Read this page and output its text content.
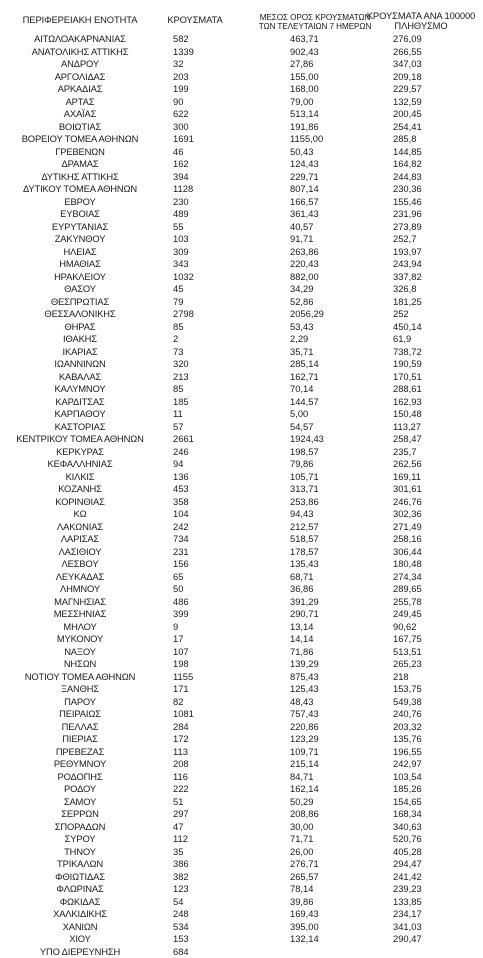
ΠΕΡΙΦΕΡΕΙΑΚΗ ΕΝΟΤΗΤΑ	ΚΡΟΥΣΜΑΤΑ	ΜΕΣΟΣ ΟΡΟΣ ΚΡΟΥΣΜΑΤΩΝ
ΤΩΝ ΤΕΛΕΥΤΑΙΩΝ 7 ΗΜΕΡΩΝ
ΚΡΟΥΣΜΑΤΑ ΑΝΑ 100000
ΠΛΗΘΥΣΜΟ
ΑΙΤΩΛΟΑΚΑΡΝΑΝΙΑΣ	582	463,71	276,09
ΑΝΑΤΟΛΙΚΗΣ ΑΤΤΙΚΗΣ	1339	902,43	266,55
ΑΝΔΡΟΥ	32	27,86	347,03
ΑΡΓΟΛΙΔΑΣ	203	155,00	209,18
ΑΡΚΑΔΙΑΣ	199	168,00	229,57
ΑΡΤΑΣ	90	79,00	132,59
ΑΧΑΪΑΣ	622	513,14	200,45
ΒΟΙΩΤΙΑΣ	300	191,86	254,41
ΒΟΡΕΙΟΥ ΤΟΜΕΑ ΑΘΗΝΩΝ	1691	1155,00	285,8
ΓΡΕΒΕΝΩΝ	46	50,43	144,85
ΔΡΑΜΑΣ	162	124,43	164,82
ΔΥΤΙΚΗΣ ΑΤΤΙΚΗΣ	394	229,71	244,83
ΔΥΤΙΚΟΥ ΤΟΜΕΑ ΑΘΗΝΩΝ	1128	807,14	230,36
ΕΒΡΟΥ	230	166,57	155,46
ΕΥΒΟΙΑΣ	489	361,43	231,96
ΕΥΡΥΤΑΝΙΑΣ	55	40,57	273,89
ΖΑΚΥΝΘΟΥ	103	91,71	252,7
ΗΛΕΙΑΣ	309	263,86	193,97
ΗΜΑΘΙΑΣ	343	220,43	243,94
ΗΡΑΚΛΕΙΟΥ	1032	882,00	337,82
ΘΑΣΟΥ	45	34,29	326,8
ΘΕΣΠΡΩΤΙΑΣ	79	52,86	181,25
ΘΕΣΣΑΛΟΝΙΚΗΣ	2798	2056,29	252
ΘΗΡΑΣ	85	53,43	450,14
ΙΘΑΚΗΣ	2	2,29	61,9
ΙΚΑΡΙΑΣ	73	35,71	738,72
ΙΩΑΝΝΙΝΩΝ	320	285,14	190,59
ΚΑΒΑΛΑΣ	213	162,71	170,51
ΚΑΛΥΜΝΟΥ	85	70,14	288,61
ΚΑΡΔΙΤΣΑΣ	185	144,57	162,93
ΚΑΡΠΑΘΟΥ	11	5,00	150,48
ΚΑΣΤΟΡΙΑΣ	57	54,57	113,27
ΚΕΝΤΡΙΚΟΥ ΤΟΜΕΑ ΑΘΗΝΩΝ	2661	1924,43	258,47
ΚΕΡΚΥΡΑΣ	246	198,57	235,7
ΚΕΦΑΛΛΗΝΙΑΣ	94	79,86	262,56
ΚΙΛΚΙΣ	136	105,71	169,11
ΚΟΖΑΝΗΣ	453	313,71	301,61
ΚΟΡΙΝΘΙΑΣ	358	253,86	246,76
ΚΩ	104	94,43	302,36
ΛΑΚΩΝΙΑΣ	242	212,57	271,49
ΛΑΡΙΣΑΣ	734	518,57	258,16
ΛΑΣΙΘΙΟΥ	231	178,57	306,44
ΛΕΣΒΟΥ	156	135,43	180,48
ΛΕΥΚΑΔΑΣ	65	68,71	274,34
ΛΗΜΝΟΥ	50	36,86	289,65
ΜΑΓΝΗΣΙΑΣ	486	391,29	255,78
ΜΕΣΣΗΝΙΑΣ	399	290,71	249,45
ΜΗΛΟΥ	9	13,14	90,62
ΜΥΚΟΝΟΥ	17	14,14	167,75
ΝΑΞΟΥ	107	71,86	513,51
ΝΗΣΩΝ	198	139,29	265,23
ΝΟΤΙΟΥ ΤΟΜΕΑ ΑΘΗΝΩΝ	1155	875,43	218
ΞΑΝΘΗΣ	171	125,43	153,75
ΠΑΡΟΥ	82	48,43	549,38
ΠΕΙΡΑΙΩΣ	1081	757,43	240,76
ΠΕΛΛΑΣ	284	220,86	203,32
ΠΙΕΡΙΑΣ	172	123,29	135,76
ΠΡΕΒΕΖΑΣ	113	109,71	196,55
ΡΕΘΥΜΝΟΥ	208	215,14	242,97
ΡΟΔΟΠΗΣ	116	84,71	103,54
ΡΟΔΟΥ	222	162,14	185,26
ΣΑΜΟΥ	51	50,29	154,65
ΣΕΡΡΩΝ	297	208,86	168,34
ΣΠΟΡΑΔΩΝ	47	30,00	340,63
ΣΥΡΟΥ	112	71,71	520,76
ΤΗΝΟΥ	35	26,00	405,28
ΤΡΙΚΑΛΩΝ	386	276,71	294,47
ΦΘΙΩΤΙΔΑΣ	382	265,57	241,42
ΦΛΩΡΙΝΑΣ	123	78,14	239,23
ΦΩΚΙΔΑΣ	54	39,86	133,85
ΧΑΛΚΙΔΙΚΗΣ	248	169,43	234,17
ΧΑΝΙΩΝ	534	395,00	341,03
ΧΙΟΥ	153	132,14	290,47
ΥΠΟ ΔΙΕΡΕΥΝΗΣΗ	684
